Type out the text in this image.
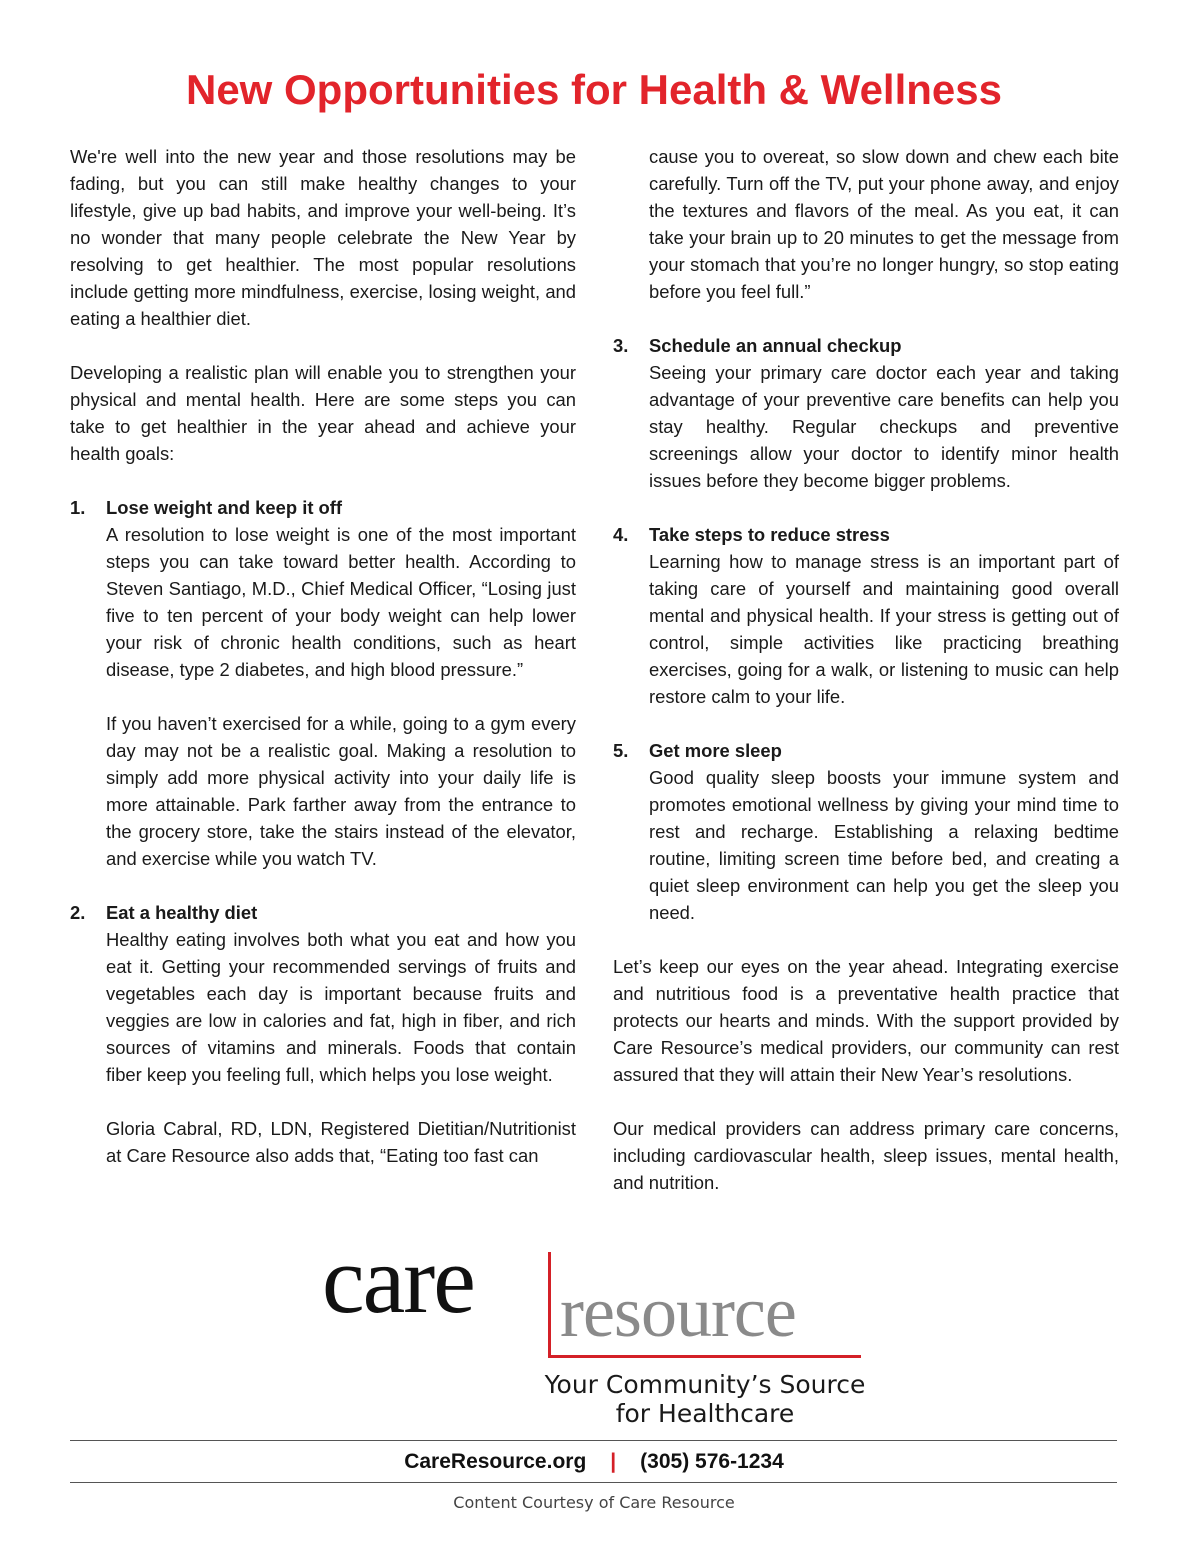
New Opportunities for Health & Wellness

We're well into the new year and those resolutions may be fading, but you can still make healthy changes to your lifestyle, give up bad habits, and improve your well-being. It’s no wonder that many people celebrate the New Year by resolving to get healthier. The most popular resolutions include getting more mindfulness, exercise, losing weight, and eating a healthier diet.

Developing a realistic plan will enable you to strengthen your physical and mental health. Here are some steps you can take to get healthier in the year ahead and achieve your health goals:

1. Lose weight and keep it off

A resolution to lose weight is one of the most important steps you can take toward better health. According to Steven Santiago, M.D., Chief Medical Officer, “Losing just five to ten percent of your body weight can help lower your risk of chronic health conditions, such as heart disease, type 2 diabetes, and high blood pressure.”

If you haven’t exercised for a while, going to a gym every day may not be a realistic goal. Making a resolution to simply add more physical activity into your daily life is more attainable. Park farther away from the entrance to the grocery store, take the stairs instead of the elevator, and exercise while you watch TV.

2. Eat a healthy diet

Healthy eating involves both what you eat and how you eat it. Getting your recommended servings of fruits and vegetables each day is important because fruits and veggies are low in calories and fat, high in fiber, and rich sources of vitamins and minerals. Foods that contain fiber keep you feeling full, which helps you lose weight.

Gloria Cabral, RD, LDN, Registered Dietitian/Nutritionist at Care Resource also adds that, “Eating too fast can

cause you to overeat, so slow down and chew each bite carefully. Turn off the TV, put your phone away, and enjoy the textures and flavors of the meal. As you eat, it can take your brain up to 20 minutes to get the message from your stomach that you’re no longer hungry, so stop eating before you feel full.”

3. Schedule an annual checkup

Seeing your primary care doctor each year and taking advantage of your preventive care benefits can help you stay healthy. Regular checkups and preventive screenings allow your doctor to identify minor health issues before they become bigger problems.

4. Take steps to reduce stress

Learning how to manage stress is an important part of taking care of yourself and maintaining good overall mental and physical health. If your stress is getting out of control, simple activities like practicing breathing exercises, going for a walk, or listening to music can help restore calm to your life.

5. Get more sleep

Good quality sleep boosts your immune system and promotes emotional wellness by giving your mind time to rest and recharge. Establishing a relaxing bedtime routine, limiting screen time before bed, and creating a quiet sleep environment can help you get the sleep you need.

Let’s keep our eyes on the year ahead. Integrating exercise and nutritious food is a preventative health practice that protects our hearts and minds. With the support provided by Care Resource’s medical providers, our community can rest assured that they will attain their New Year’s resolutions.

Our medical providers can address primary care concerns, including cardiovascular health, sleep issues, mental health, and nutrition.

care resource
Your Community’s Source
for Healthcare
CareResource.org | (305) 576-1234
Content Courtesy of Care Resource
